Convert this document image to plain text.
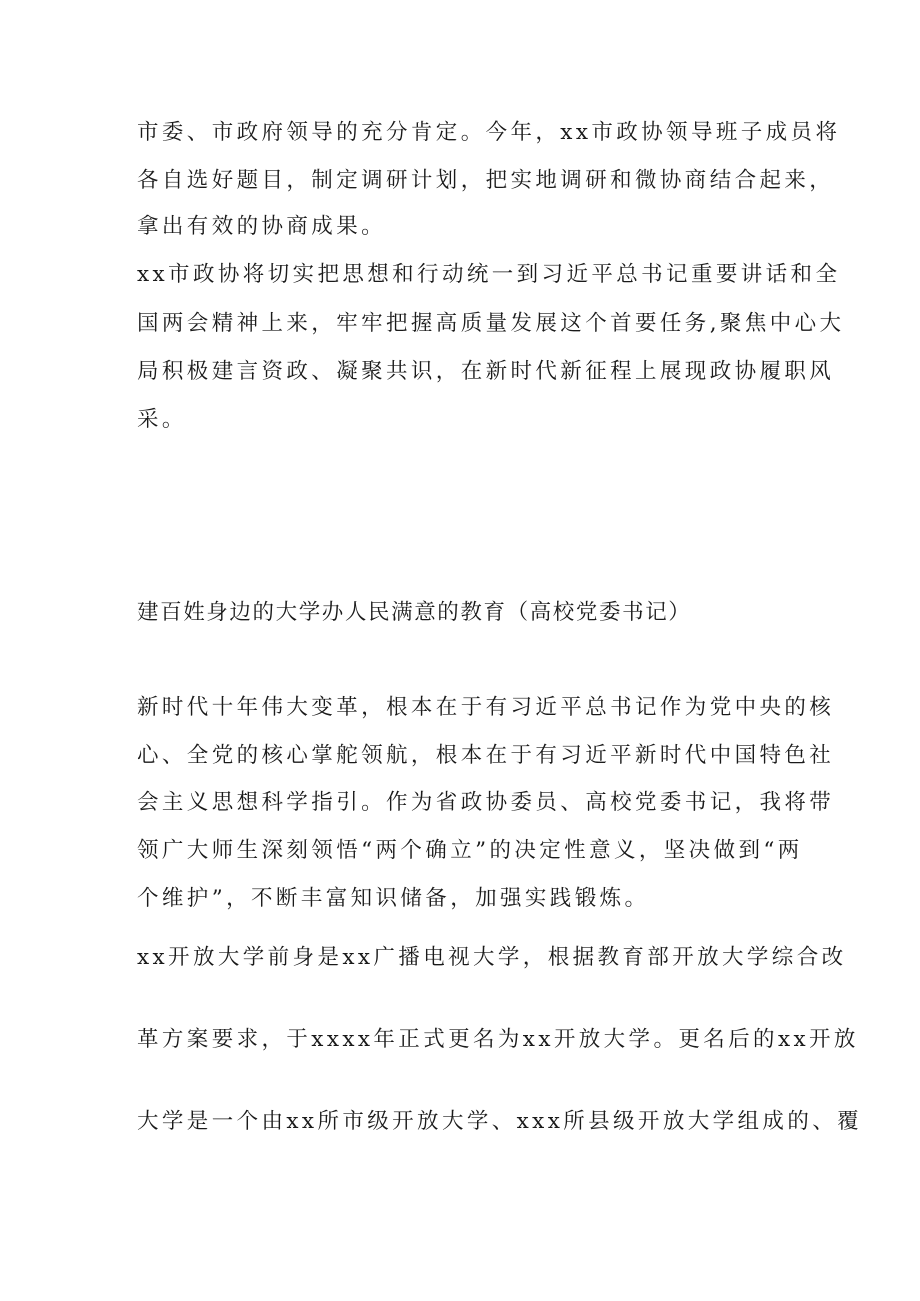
市委、市政府领导的充分肯定。今年，xx市政协领导班子成员将
各自选好题目，制定调研计划，把实地调研和微协商结合起来，
拿出有效的协商成果。
xx市政协将切实把思想和行动统一到习近平总书记重要讲话和全
国两会精神上来，牢牢把握高质量发展这个首要任务,聚焦中心大
局积极建言资政、凝聚共识，在新时代新征程上展现政协履职风
采。
建百姓身边的大学办人民满意的教育（高校党委书记）
新时代十年伟大变革，根本在于有习近平总书记作为党中央的核
心、全党的核心掌舵领航，根本在于有习近平新时代中国特色社
会主义思想科学指引。作为省政协委员、高校党委书记，我将带
领广大师生深刻领悟“两个确立”的决定性意义，坚决做到“两
个维护”，不断丰富知识储备，加强实践锻炼。
xx开放大学前身是xx广播电视大学，根据教育部开放大学综合改
革方案要求，于xxxx年正式更名为xx开放大学。更名后的xx开放
大学是一个由xx所市级开放大学、xxx所县级开放大学组成的、覆
